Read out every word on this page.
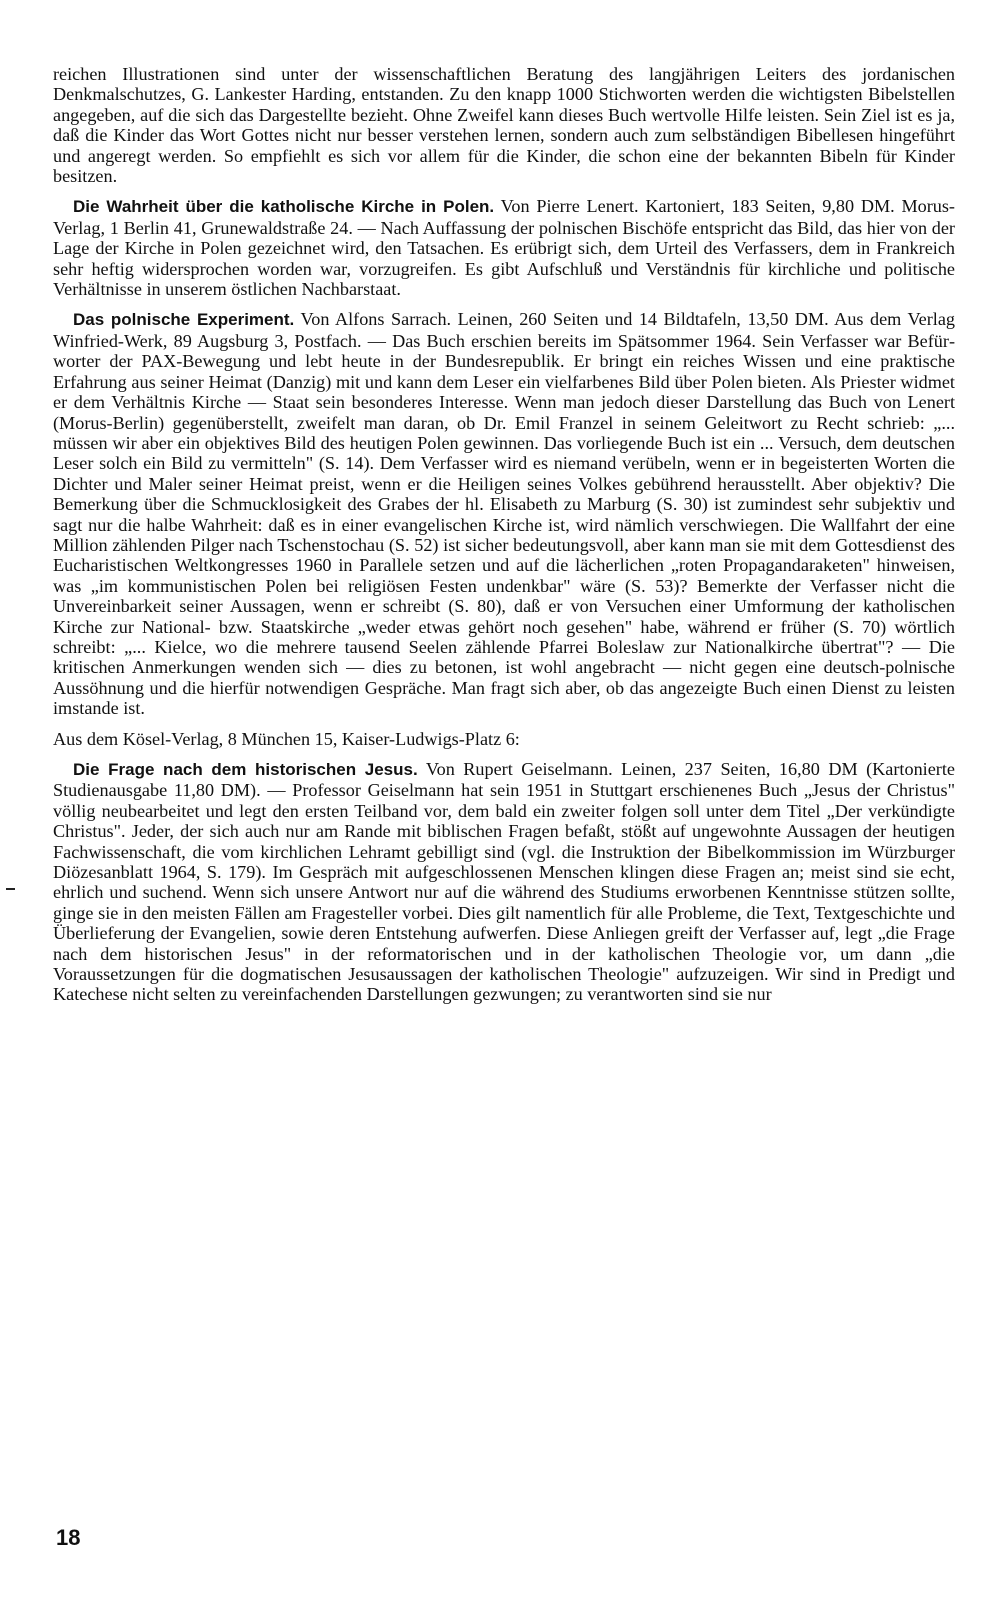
reichen Illustrationen sind unter der wissenschaftlichen Beratung des langjährigen Leiters des jordanischen Denkmalschutzes, G. Lankester Harding, entstanden. Zu den knapp 1000 Stichworten werden die wichtigsten Bibelstellen angegeben, auf die sich das Dargestellte bezieht. Ohne Zweifel kann dieses Buch wertvolle Hilfe leisten. Sein Ziel ist es ja, daß die Kinder das Wort Gottes nicht nur besser verstehen lernen, sondern auch zum selbständigen Bibellesen hingeführt und angeregt werden. So empfiehlt es sich vor allem für die Kinder, die schon eine der bekannten Bibeln für Kinder besitzen.

Die Wahrheit über die katholische Kirche in Polen. Von Pierre Lenert. Kartoniert, 183 Seiten, 9,80 DM. Morus-Verlag, 1 Berlin 41, Grunewaldstraße 24. — Nach Auffassung der polnischen Bischöfe entspricht das Bild, das hier von der Lage der Kirche in Polen gezeichnet wird, den Tatsachen. Es erübrigt sich, dem Urteil des Verfassers, dem in Frankreich sehr heftig widersprochen worden war, vorzugreifen. Es gibt Aufschluß und Verständnis für kirchliche und politische Verhältnisse in unserem östlichen Nachbarstaat.

Das polnische Experiment. Von Alfons Sarrach. Leinen, 260 Seiten und 14 Bildtafeln, 13,50 DM. Aus dem Verlag Winfried-Werk, 89 Augsburg 3, Postfach. — Das Buch erschien bereits im Spätsommer 1964. Sein Verfasser war Befürworter der PAX-Bewegung und lebt heute in der Bundesrepublik. Er bringt ein reiches Wissen und eine praktische Erfahrung aus seiner Heimat (Danzig) mit und kann dem Leser ein vielfarbenes Bild über Polen bieten. Als Priester widmet er dem Verhältnis Kirche — Staat sein besonderes Interesse. Wenn man jedoch dieser Darstellung das Buch von Lenert (Morus-Berlin) gegenüberstellt, zweifelt man daran, ob Dr. Emil Franzel in seinem Geleitwort zu Recht schrieb: „... müssen wir aber ein objektives Bild des heutigen Polen gewinnen. Das vorliegende Buch ist ein ... Versuch, dem deutschen Leser solch ein Bild zu vermitteln" (S. 14). Dem Verfasser wird es niemand verübeln, wenn er in begeisterten Worten die Dichter und Maler seiner Heimat preist, wenn er die Heiligen seines Volkes gebührend herausstellt. Aber objektiv? Die Bemerkung über die Schmucklosigkeit des Grabes der hl. Elisabeth zu Marburg (S. 30) ist zumindest sehr subjektiv und sagt nur die halbe Wahrheit: daß es in einer evangelischen Kirche ist, wird nämlich verschwiegen. Die Wallfahrt der eine Million zählenden Pilger nach Tschenstochau (S. 52) ist sicher bedeutungsvoll, aber kann man sie mit dem Gottesdienst des Eucharistischen Weltkongresses 1960 in Parallele setzen und auf die lächerlichen „roten Propagandaraketen" hinweisen, was „im kommunistischen Polen bei religiösen Festen undenkbar" wäre (S. 53)? Bemerkte der Verfasser nicht die Unvereinbarkeit seiner Aussagen, wenn er schreibt (S. 80), daß er von Versuchen einer Umformung der katholischen Kirche zur National- bzw. Staatskirche „weder etwas gehört noch gesehen" habe, während er früher (S. 70) wörtlich schreibt: „... Kielce, wo die mehrere tausend Seelen zählende Pfarrei Boleslaw zur Nationalkirche übertrat"? — Die kritischen Anmerkungen wenden sich — dies zu betonen, ist wohl angebracht — nicht gegen eine deutsch-polnische Aussöhnung und die hierfür notwendigen Gespräche. Man fragt sich aber, ob das angezeigte Buch einen Dienst zu leisten imstande ist.

Aus dem Kösel-Verlag, 8 München 15, Kaiser-Ludwigs-Platz 6:

Die Frage nach dem historischen Jesus. Von Rupert Geiselmann. Leinen, 237 Seiten, 16,80 DM (Kartonierte Studienausgabe 11,80 DM). — Professor Geiselmann hat sein 1951 in Stuttgart erschienenes Buch „Jesus der Christus" völlig neubearbeitet und legt den ersten Teilband vor, dem bald ein zweiter folgen soll unter dem Titel „Der verkündigte Christus". Jeder, der sich auch nur am Rande mit biblischen Fragen befaßt, stößt auf ungewohnte Aussagen der heutigen Fachwissenschaft, die vom kirchlichen Lehramt gebilligt sind (vgl. die Instruktion der Bibelkommission im Würzburger Diözesanblatt 1964, S. 179). Im Gespräch mit aufgeschlossenen Menschen klingen diese Fragen an; meist sind sie echt, ehrlich und suchend. Wenn sich unsere Antwort nur auf die während des Studiums erworbenen Kenntnisse stützen sollte, ginge sie in den meisten Fällen am Fragesteller vorbei. Dies gilt namentlich für alle Probleme, die Text, Textgeschichte und Überlieferung der Evangelien, sowie deren Entstehung aufwerfen. Diese Anliegen greift der Verfasser auf, legt „die Frage nach dem historischen Jesus" in der reformatorischen und in der katholischen Theologie vor, um dann „die Voraussetzungen für die dogmatischen Jesusaussagen der katholischen Theologie" aufzuzeigen. Wir sind in Predigt und Katechese nicht selten zu vereinfachenden Darstellungen gezwungen; zu verantworten sind sie nur

18
